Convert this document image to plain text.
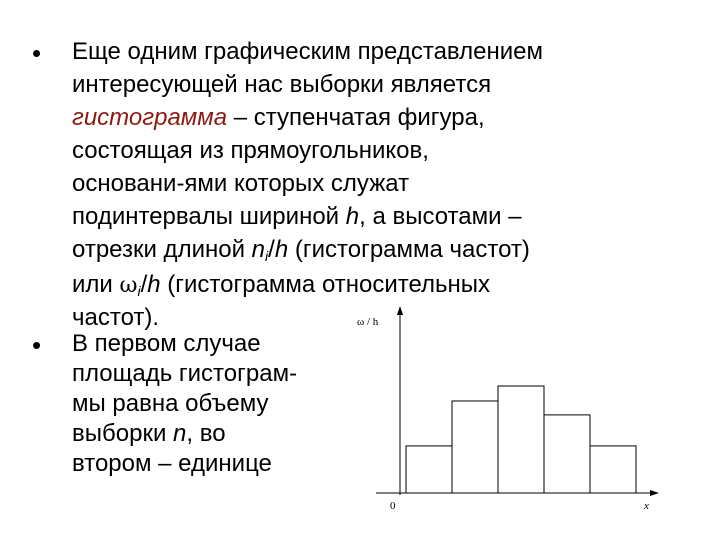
• Еще одним графическим представлением
интересующей нас выборки является
гистограмма – ступенчатая фигура,
состоящая из прямоугольников,
основани-ями которых служат
подинтервалы шириной h, а высотами –
отрезки длиной $n_i/h$ (гистограмма частот)
или $\omega_i/h$ (гистограмма относительных
частот).
• В первом случае
площадь гистограм-
мы равна объему
выборки n, во
втором – единице
ω / h
0	x
